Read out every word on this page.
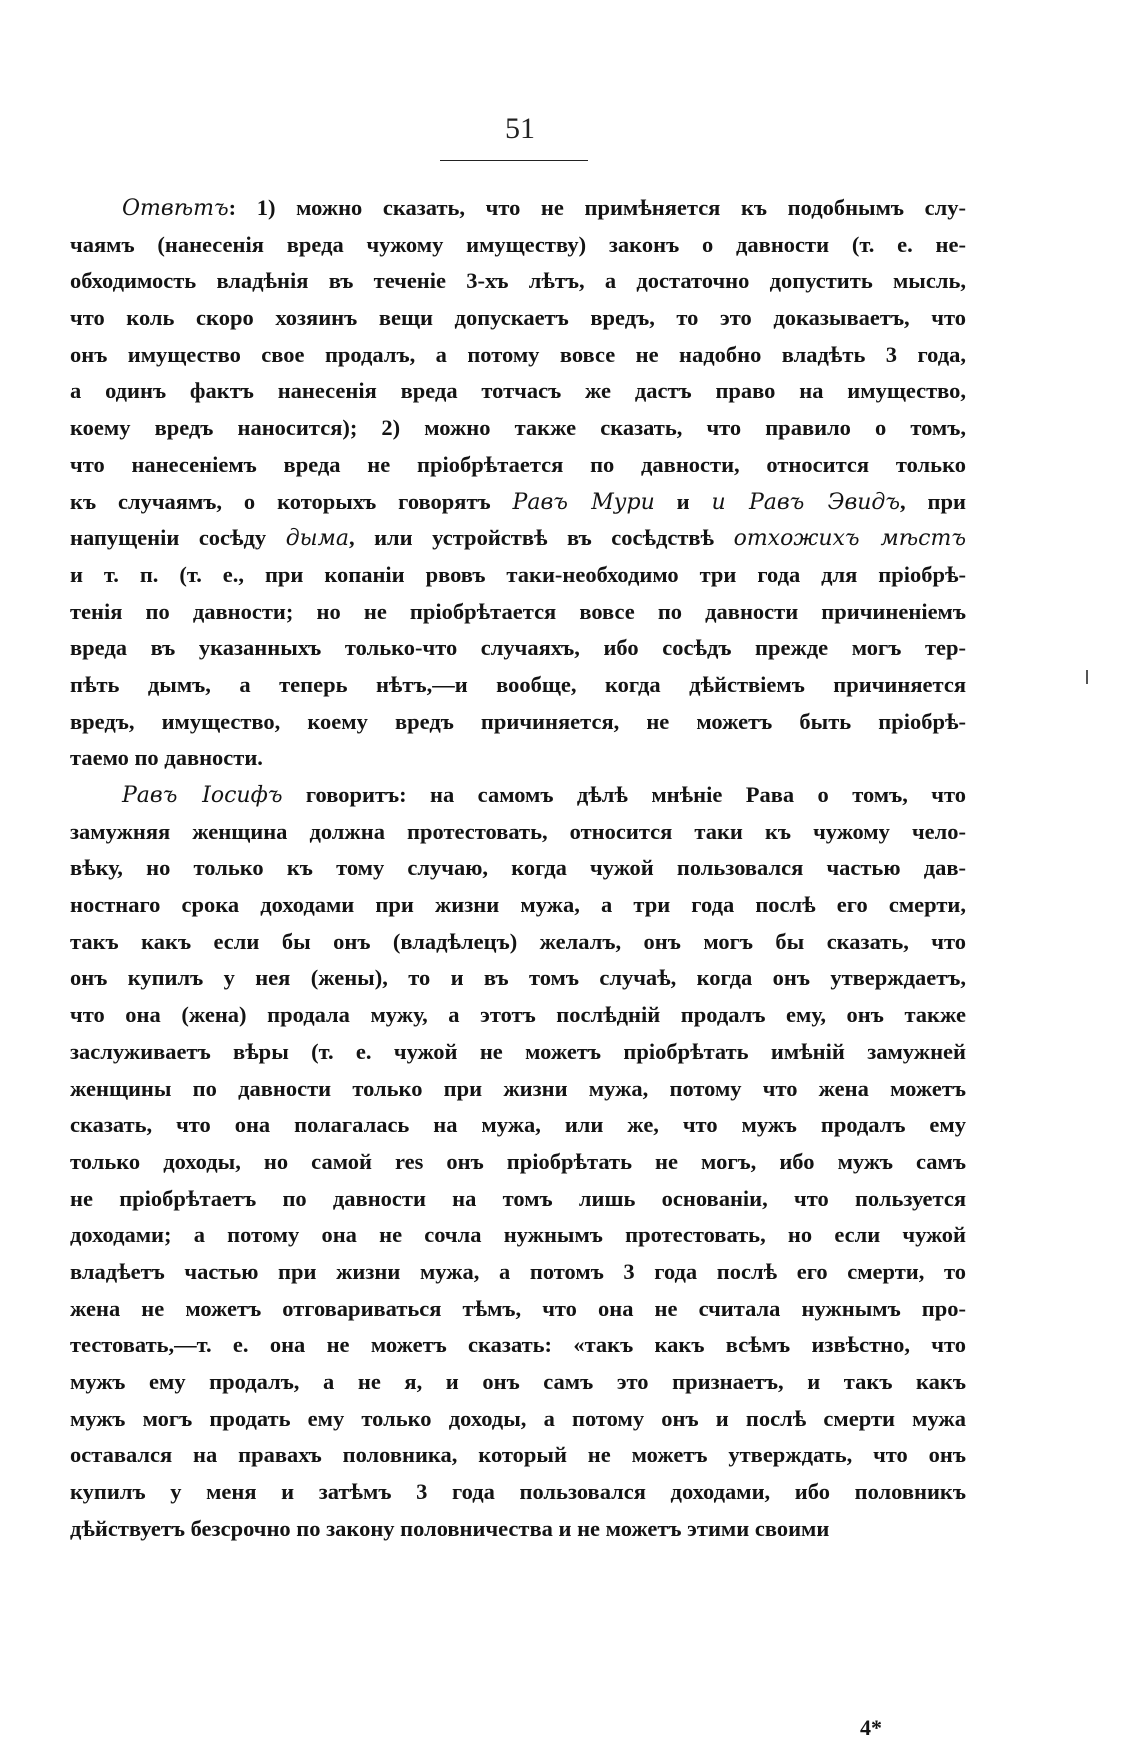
51
Отвѣтъ: 1) можно сказать, что не примѣняется къ подобнымъ слу-
чаямъ (нанесенія вреда чужому имуществу) законъ о давности (т. е. не-
обходимость владѣнія въ теченіе 3-хъ лѣтъ, а достаточно допустить мысль,
что коль скоро хозяинъ вещи допускаетъ вредъ, то это доказываетъ, что
онъ имущество свое продалъ, а потому вовсе не надобно владѣть 3 года,
а одинъ фактъ нанесенія вреда тотчасъ же дастъ право на имущество,
коему вредъ наносится); 2) можно также сказать, что правило о томъ,
что нанесеніемъ вреда не пріобрѣтается по давности, относится только
къ случаямъ, о которыхъ говорятъ Равъ Мури и и Равъ Эвидъ, при
напущеніи сосѣду дыма, или устройствѣ въ сосѣдствѣ отхожихъ мѣстъ
и т. п. (т. е., при копаніи рвовъ таки-необходимо три года для пріобрѣ-
тенія по давности; но не пріобрѣтается вовсе по давности причиненіемъ
вреда въ указанныхъ только-что случаяхъ, ибо сосѣдъ прежде могъ тер-
пѣть дымъ, а теперь нѣтъ,—и вообще, когда дѣйствіемъ причиняется
вредъ, имущество, коему вредъ причиняется, не можетъ быть пріобрѣ-
таемо по давности.
Равъ Іосифъ говоритъ: на самомъ дѣлѣ мнѣніе Рава о томъ, что
замужняя женщина должна протестовать, относится таки къ чужому чело-
вѣку, но только къ тому случаю, когда чужой пользовался частью дав-
ностнаго срока доходами при жизни мужа, а три года послѣ его смерти,
такъ какъ если бы онъ (владѣлецъ) желалъ, онъ могъ бы сказать, что
онъ купилъ у нея (жены), то и въ томъ случаѣ, когда онъ утверждаетъ,
что она (жена) продала мужу, а этотъ послѣдній продалъ ему, онъ также
заслуживаетъ вѣры (т. е. чужой не можетъ пріобрѣтать имѣній замужней
женщины по давности только при жизни мужа, потому что жена можетъ
сказать, что она полагалась на мужа, или же, что мужъ продалъ ему
только доходы, но самой res онъ пріобрѣтать не могъ, ибо мужъ самъ
не пріобрѣтаетъ по давности на томъ лишь основаніи, что пользуется
доходами; а потому она не сочла нужнымъ протестовать, но если чужой
владѣетъ частью при жизни мужа, а потомъ 3 года послѣ его смерти, то
жена не можетъ отговариваться тѣмъ, что она не считала нужнымъ про-
тестовать,—т. е. она не можетъ сказать: «такъ какъ всѣмъ извѣстно, что
мужъ ему продалъ, а не я, и онъ самъ это признаетъ, и такъ какъ
мужъ могъ продать ему только доходы, а потому онъ и послѣ смерти мужа
оставался на правахъ половника, который не можетъ утверждать, что онъ
купилъ у меня и затѣмъ 3 года пользовался доходами, ибо половникъ
дѣйствуетъ безсрочно по закону половничества и не можетъ этими своими
4*
